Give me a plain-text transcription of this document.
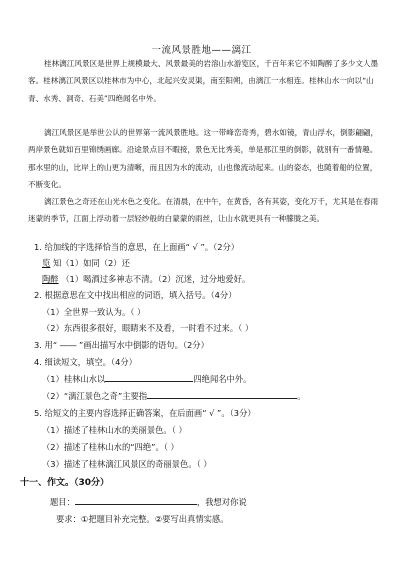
一流风景胜地——漓江

桂林漓江风景区是世界上规模最大、风景最美的岩溶山水游览区，千百年来它不知陶醉了多少文人墨客。桂林漓江风景区以桂林市为中心，北起兴安灵渠，南至阳朔，由漓江一水相连。桂林山水一向以“山青、水秀、洞奇、石美”四绝闻名中外。

漓江风景区是举世公认的世界第一流风景胜地。这一带峰峦奇秀，碧水如镜，青山浮水，倒影翩翩，两岸景色就如百里锦绣画廊。沿途景点目不暇接，景色无比秀美，单是那江里的倒影，就别有一番情趣。那水里的山，比岸上的山更为清晰，而且因为水的流动，山也像流动起来。山的姿态，也随着船的位置，不断变化。

漓江景色之奇还在山光水色之变化。在清晨，在中午，在黄昏，各有其姿，变化万千，尤其是在春雨迷蒙的季节，江面上浮动着一层轻纱般的白蒙蒙的雨丝，让山水就更具有一种朦胧之美。

1. 给加线的字选择恰当的意思，在上面画“ √ ”。（2分）
览 知（1）如同（2）还
陶醉 （1）喝酒过多神志不清。（2）沉迷，过分地爱好。
2. 根据意思在文中找出相应的词语，填入括号。（4分）
（1）全世界一致认为。（ ）
（2）东西很多很好，眼睛来不及看，一时看不过来。（ ）
3. 用“ ―― ”画出描写水中倒影的语句。（2分）
4. 细读短文，填空。（4分）
（1）桂林山水以	四绝闻名中外。
（2）“漓江景色之奇”主要指	。
5. 给短文的主要内容选择正确答案，在后面画“ √ ”。（3分）
（1）描述了桂林山水的美丽景色。（ ）
（2）描述了桂林山水的“四绝”。（ ）
（3）描述了桂林漓江风景区的奇丽景色。（ ）
十一、作文。（30分）
题目：	，我想对你说
要求：①把题目补充完整。②要写出真情实感。
